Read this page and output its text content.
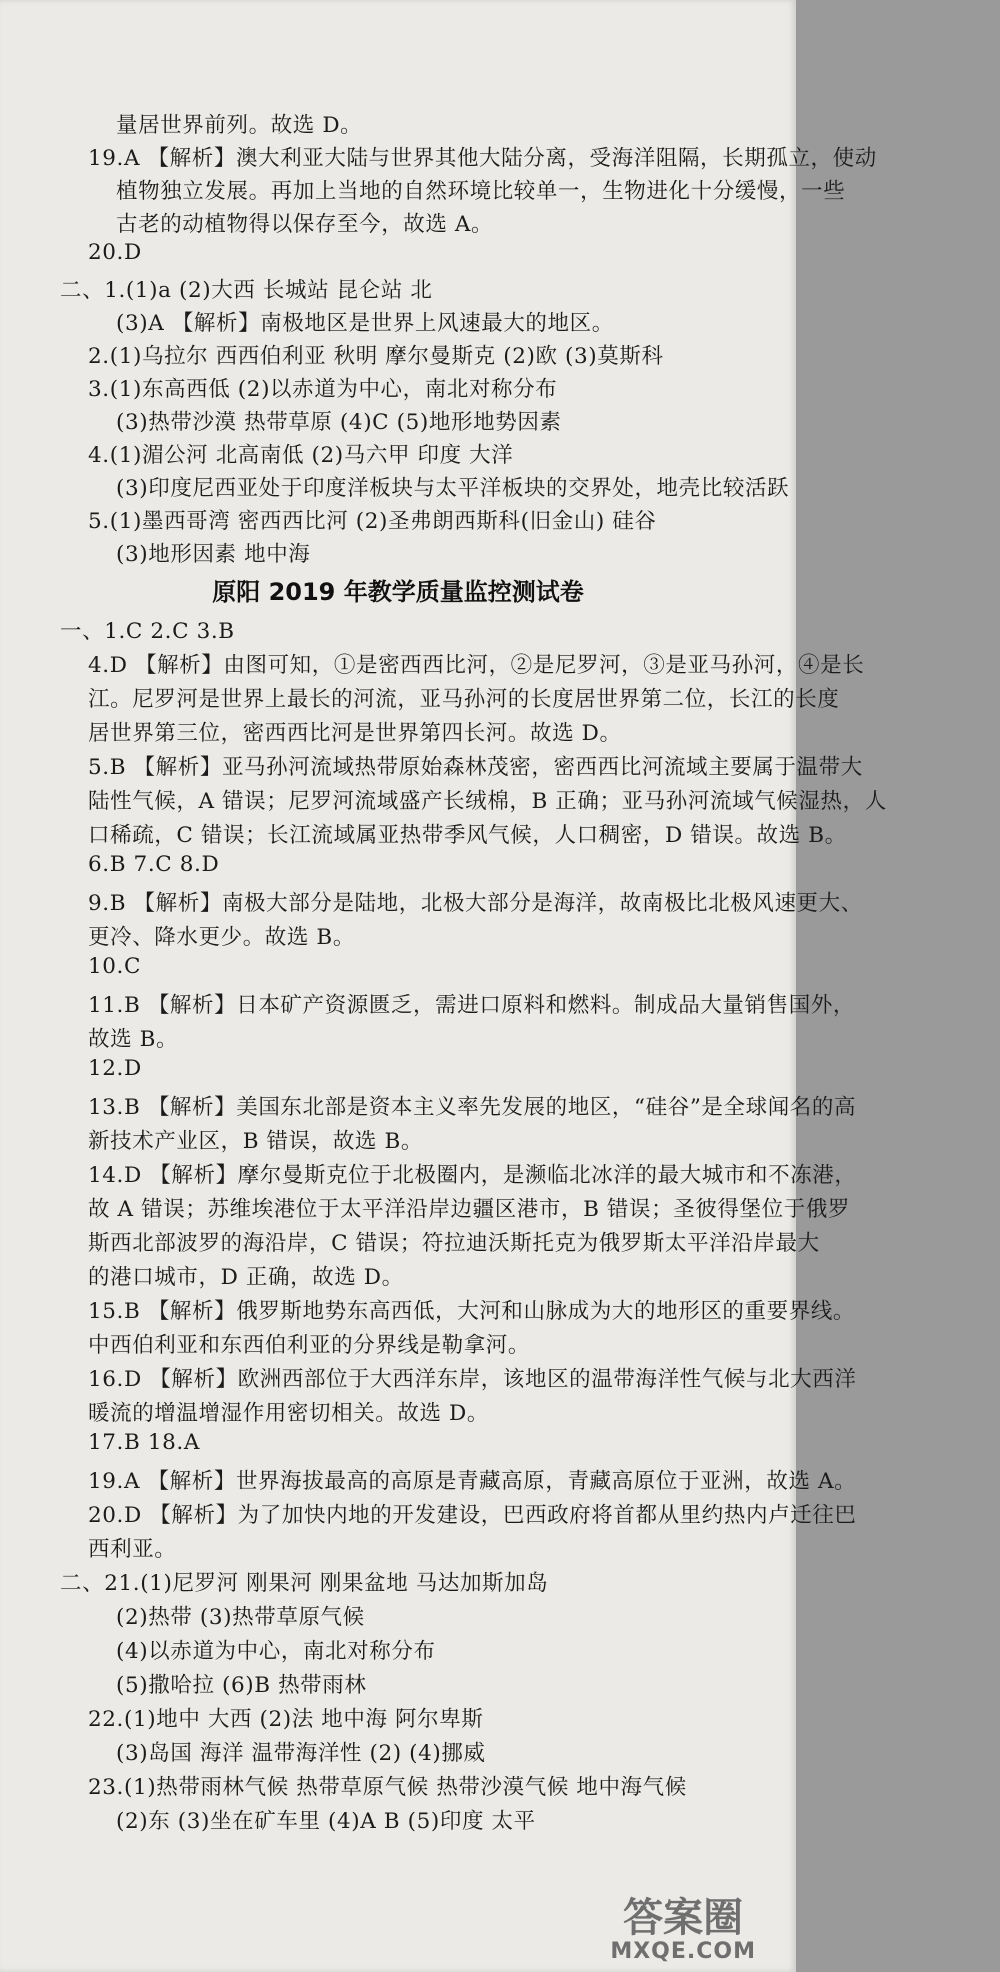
量居世界前列。故选 D。
19.A 【解析】澳大利亚大陆与世界其他大陆分离，受海洋阻隔，长期孤立，使动
植物独立发展。再加上当地的自然环境比较单一，生物进化十分缓慢，一些
古老的动植物得以保存至今，故选 A。
20.D
二、1.(1)a (2)大西 长城站 昆仑站 北
(3)A 【解析】南极地区是世界上风速最大的地区。
2.(1)乌拉尔 西西伯利亚 秋明 摩尔曼斯克 (2)欧 (3)莫斯科
3.(1)东高西低 (2)以赤道为中心，南北对称分布
(3)热带沙漠 热带草原 (4)C (5)地形地势因素
4.(1)湄公河 北高南低 (2)马六甲 印度 大洋
(3)印度尼西亚处于印度洋板块与太平洋板块的交界处，地壳比较活跃
5.(1)墨西哥湾 密西西比河 (2)圣弗朗西斯科(旧金山) 硅谷
(3)地形因素 地中海
原阳 2019 年教学质量监控测试卷
一、1.C 2.C 3.B
4.D 【解析】由图可知，①是密西西比河，②是尼罗河，③是亚马孙河，④是长
江。尼罗河是世界上最长的河流，亚马孙河的长度居世界第二位，长江的长度
居世界第三位，密西西比河是世界第四长河。故选 D。
5.B 【解析】亚马孙河流域热带原始森林茂密，密西西比河流域主要属于温带大
陆性气候，A 错误；尼罗河流域盛产长绒棉，B 正确；亚马孙河流域气候湿热，人
口稀疏，C 错误；长江流域属亚热带季风气候，人口稠密，D 错误。故选 B。
6.B 7.C 8.D
9.B 【解析】南极大部分是陆地，北极大部分是海洋，故南极比北极风速更大、
更冷、降水更少。故选 B。
10.C
11.B 【解析】日本矿产资源匮乏，需进口原料和燃料。制成品大量销售国外，
故选 B。
12.D
13.B 【解析】美国东北部是资本主义率先发展的地区，“硅谷”是全球闻名的高
新技术产业区，B 错误，故选 B。
14.D 【解析】摩尔曼斯克位于北极圈内，是濒临北冰洋的最大城市和不冻港，
故 A 错误；苏维埃港位于太平洋沿岸边疆区港市，B 错误；圣彼得堡位于俄罗
斯西北部波罗的海沿岸，C 错误；符拉迪沃斯托克为俄罗斯太平洋沿岸最大
的港口城市，D 正确，故选 D。
15.B 【解析】俄罗斯地势东高西低，大河和山脉成为大的地形区的重要界线。
中西伯利亚和东西伯利亚的分界线是勒拿河。
16.D 【解析】欧洲西部位于大西洋东岸，该地区的温带海洋性气候与北大西洋
暖流的增温增湿作用密切相关。故选 D。
17.B 18.A
19.A 【解析】世界海拔最高的高原是青藏高原，青藏高原位于亚洲，故选 A。
20.D 【解析】为了加快内地的开发建设，巴西政府将首都从里约热内卢迁往巴
西利亚。
二、21.(1)尼罗河 刚果河 刚果盆地 马达加斯加岛
(2)热带 (3)热带草原气候
(4)以赤道为中心，南北对称分布
(5)撒哈拉 (6)B 热带雨林
22.(1)地中 大西 (2)法 地中海 阿尔卑斯
(3)岛国 海洋 温带海洋性 (2) (4)挪威
23.(1)热带雨林气候 热带草原气候 热带沙漠气候 地中海气候
(2)东 (3)坐在矿车里 (4)A B (5)印度 太平
答案圈
MXQE.COM
